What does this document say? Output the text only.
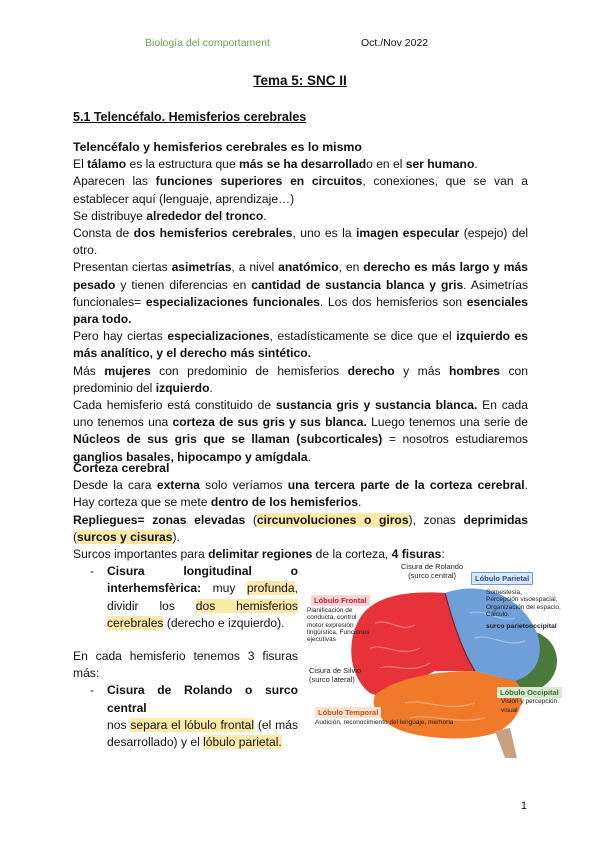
Biología del comportament	Oct./Nov 2022
Tema 5: SNC II
5.1 Telencéfalo. Hemisferios cerebrales
Telencéfalo y hemisferios cerebrales es lo mismo

El tálamo es la estructura que más se ha desarrollado en el ser humano.

Aparecen las funciones superiores en circuitos, conexiones, que se van a establecer aquí (lenguaje, aprendizaje…)

Se distribuye alrededor del tronco.

Consta de dos hemisferios cerebrales, uno es la imagen especular (espejo) del otro.

Presentan ciertas asimetrías, a nivel anatómico, en derecho es más largo y más pesado y tienen diferencias en cantidad de sustancia blanca y gris. Asimetrías funcionales= especializaciones funcionales. Los dos hemisferios son esenciales para todo.

Pero hay ciertas especializaciones, estadísticamente se dice que el izquierdo es más analítico, y el derecho más sintético.

Más mujeres con predominio de hemisferios derecho y más hombres con predominio del izquierdo.

Cada hemisferio está constituido de sustancia gris y sustancia blanca. En cada uno tenemos una corteza de sus gris y sus blanca. Luego tenemos una serie de Núcleos de sus gris que se llaman (subcorticales) = nosotros estudiaremos ganglios basales, hipocampo y amígdala.

Corteza cerebral

Desde la cara externa solo veríamos una tercera parte de la corteza cerebral. Hay corteza que se mete dentro de los hemisferios.

Repliegues= zonas elevadas (circunvoluciones o giros), zonas deprimidas (surcos y cisuras).

Surcos importantes para delimitar regiones de la corteza, 4 fisuras:

- Cisura longitudinal o interhemsfèrica: muy profunda, dividir los dos hemisferios cerebrales (derecho e izquierdo).

En cada hemisferio tenemos 3 fisuras más:

- Cisura de Rolando o surco central
nos separa el lóbulo frontal (el más desarrollado) y el lóbulo parietal.

Cisura de Rolando
(surco central)	Lóbulo Parietal
Lóbulo Frontal
Planificación de
conducta, control
motor expresión
lingüística, Funciones
ejecutivas
Somestesia,
Percepción visoespacial,
Organización del espacio,
Cálculo.
surco parietooccipital
Cisura de Silvio
(surco lateral)
Lóbulo Occipital
Visión y percepción visual
Lóbulo Temporal
Audición, reconocimiento del lenguaje, memoria
1
